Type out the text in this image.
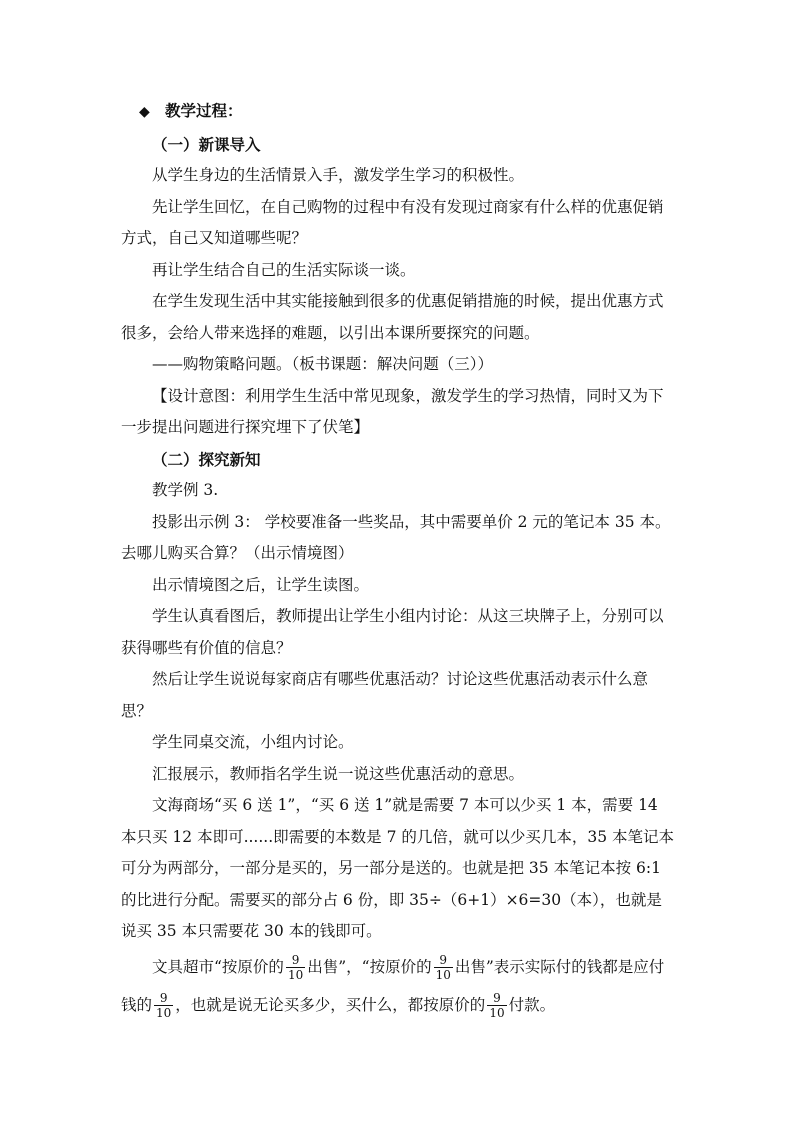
◆ 教学过程：

（一）新课导入

从学生身边的生活情景入手，激发学生学习的积极性。

先让学生回忆，在自己购物的过程中有没有发现过商家有什么样的优惠促销方式，自己又知道哪些呢？

再让学生结合自己的生活实际谈一谈。

在学生发现生活中其实能接触到很多的优惠促销措施的时候，提出优惠方式很多，会给人带来选择的难题，以引出本课所要探究的问题。

——购物策略问题。（板书课题：解决问题（三））

【设计意图：利用学生生活中常见现象，激发学生的学习热情，同时又为下一步提出问题进行探究埋下了伏笔】

（二）探究新知

教学例 3.

投影出示例 3： 学校要准备一些奖品，其中需要单价 2 元的笔记本 35 本。去哪儿购买合算？（出示情境图）

出示情境图之后，让学生读图。

学生认真看图后，教师提出让学生小组内讨论：从这三块牌子上，分别可以获得哪些有价值的信息？

然后让学生说说每家商店有哪些优惠活动？讨论这些优惠活动表示什么意思？

学生同桌交流，小组内讨论。

汇报展示，教师指名学生说一说这些优惠活动的意思。

文海商场“买 6 送 1”，“买 6 送 1”就是需要 7 本可以少买 1 本，需要 14 本只买 12 本即可......即需要的本数是 7 的几倍，就可以少买几本，35 本笔记本可分为两部分，一部分是买的，另一部分是送的。也就是把 35 本笔记本按 6:1 的比进行分配。需要买的部分占 6 份，即 35÷（6+1）×6=30（本），也就是说买 35 本只需要花 30 本的钱即可。

文具超市“按原价的 $\frac{9}{10}$ 出售”，“按原价的 $\frac{9}{10}$ 出售”表示实际付的钱都是应付钱的 $\frac{9}{10}$ ，也就是说无论买多少，买什么，都按原价的 $\frac{9}{10}$ 付款。
